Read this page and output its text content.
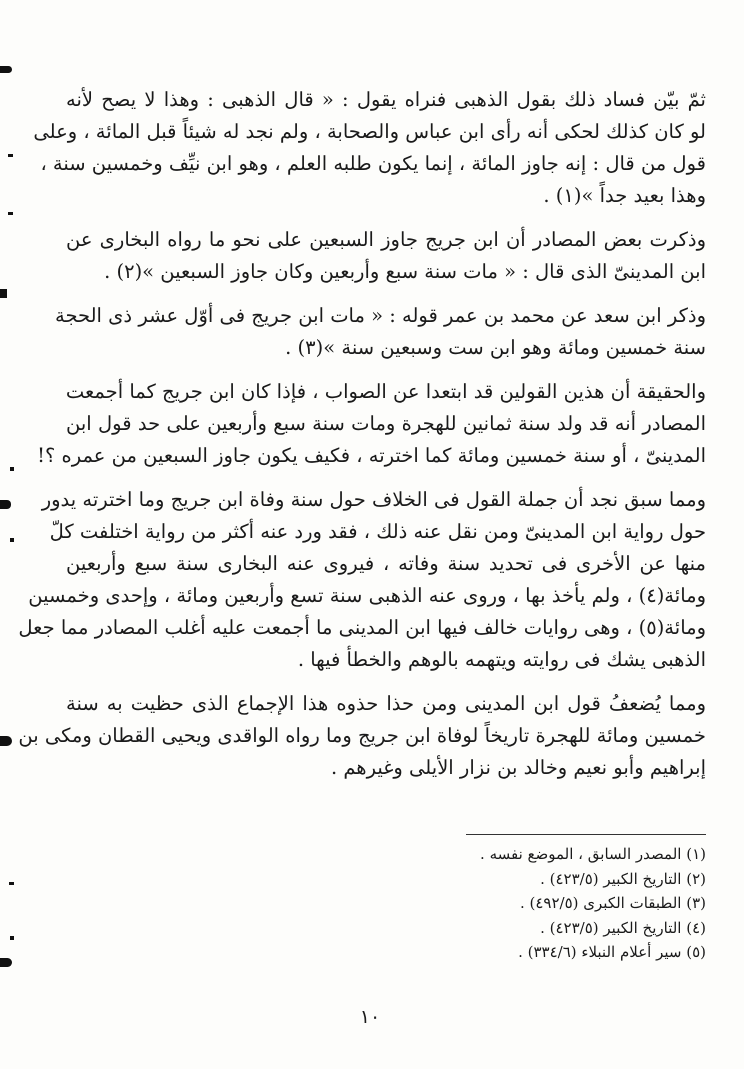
ثمّ بيّن فساد ذلك بقول الذهبى فنراه يقول : « قال الذهبى : وهذا لا يصح لأنه
لو كان كذلك لحكى أنه رأى ابن عباس والصحابة ، ولم نجد له شيئاً قبل المائة ، وعلى
قول من قال : إنه جاوز المائة ، إنما يكون طلبه العلم ، وهو ابن نيِّف وخمسين سنة ،
وهذا بعيد جداً »(١) .

وذكرت بعض المصادر أن ابن جريج جاوز السبعين على نحو ما رواه البخارى عن
ابن المدينىّ الذى قال : « مات سنة سبع وأربعين وكان جاوز السبعين »(٢) .

وذكر ابن سعد عن محمد بن عمر قوله : « مات ابن جريج فى أوّل عشر ذى الحجة
سنة خمسين ومائة وهو ابن ست وسبعين سنة »(٣) .

والحقيقة أن هذين القولين قد ابتعدا عن الصواب ، فإذا كان ابن جريج كما أجمعت
المصادر أنه قد ولد سنة ثمانين للهجرة ومات سنة سبع وأربعين على حد قول ابن
المدينىّ ، أو سنة خمسين ومائة كما اخترته ، فكيف يكون جاوز السبعين من عمره ؟!

ومما سبق نجد أن جملة القول فى الخلاف حول سنة وفاة ابن جريج وما اخترته يدور
حول رواية ابن المدينىّ ومن نقل عنه ذلك ، فقد ورد عنه أكثر من رواية اختلفت كلّ
منها عن الأخرى فى تحديد سنة وفاته ، فيروى عنه البخارى سنة سبع وأربعين
ومائة(٤) ، ولم يأخذ بها ، وروى عنه الذهبى سنة تسع وأربعين ومائة ، وإحدى وخمسين
ومائة(٥) ، وهى روايات خالف فيها ابن المدينى ما أجمعت عليه أغلب المصادر مما جعل
الذهبى يشك فى روايته ويتهمه بالوهم والخطأ فيها .

ومما يُضعفُ قول ابن المدينى ومن حذا حذوه هذا الإجماع الذى حظيت به سنة
خمسين ومائة للهجرة تاريخاً لوفاة ابن جريج وما رواه الواقدى ويحيى القطان ومكى بن
إبراهيم وأبو نعيم وخالد بن نزار الأيلى وغيرهم .

(١) المصدر السابق ، الموضع نفسه .
(٢) التاريخ الكبير (٤٢٣/٥) .
(٣) الطبقات الكبرى (٤٩٢/٥) .
(٤) التاريخ الكبير (٤٢٣/٥) .
(٥) سير أعلام النبلاء (٣٣٤/٦) .
١٠
